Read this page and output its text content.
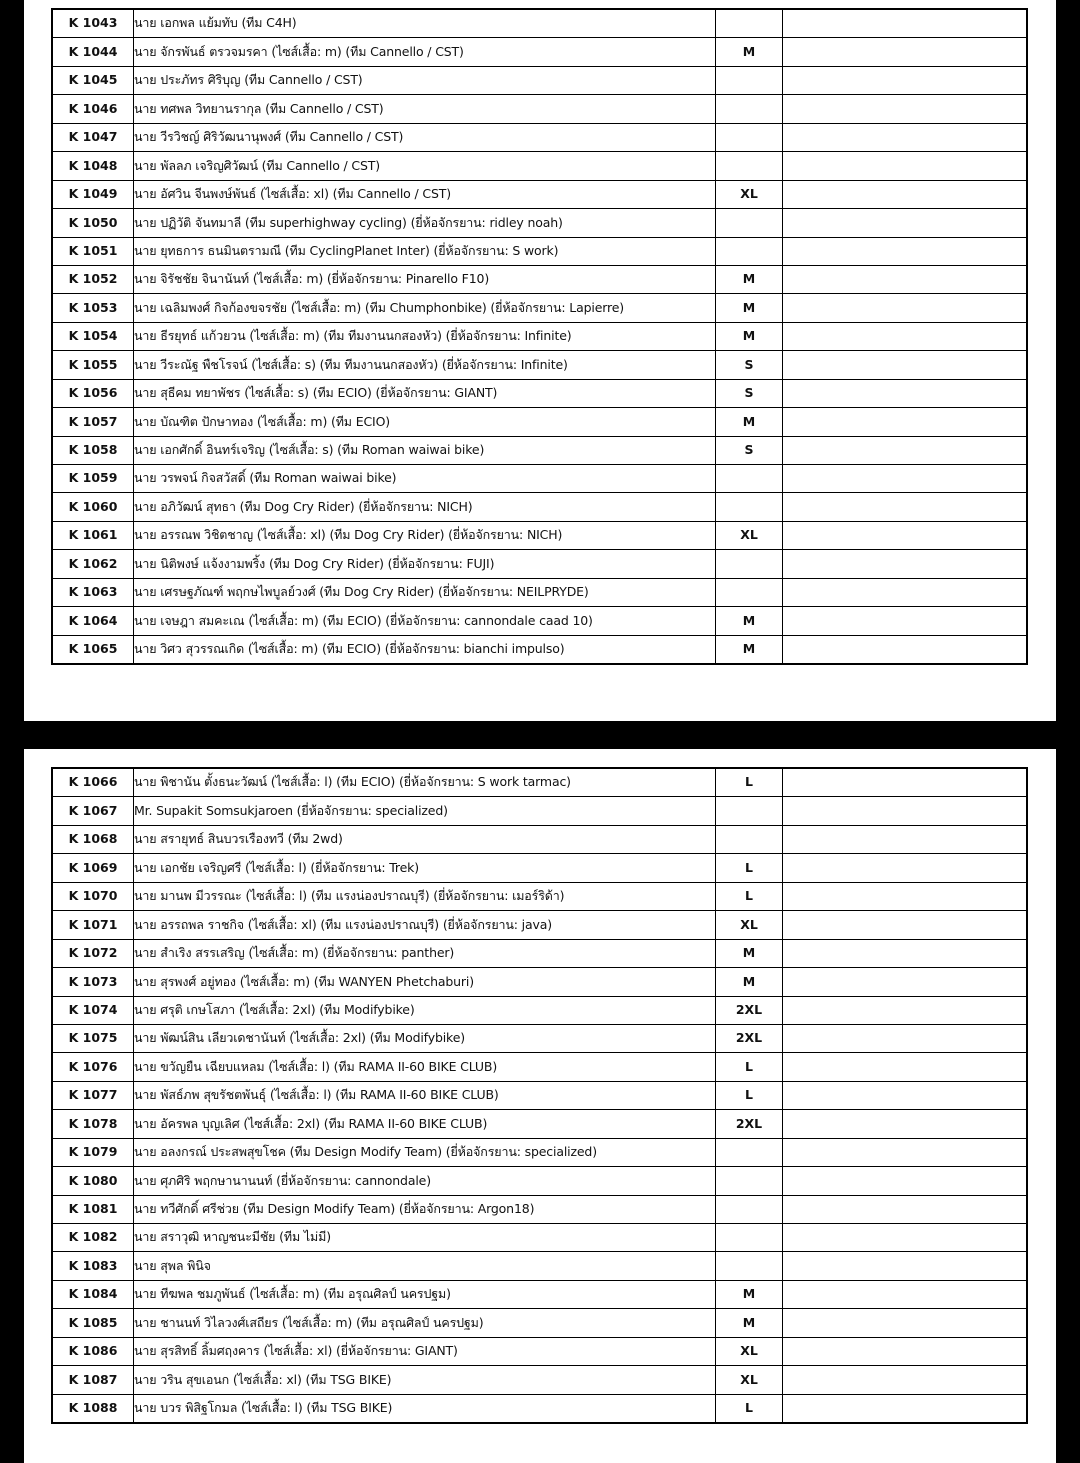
K 1043	นาย เอกพล แย้มทับ (ทีม C4H)		
K 1044	นาย จักรพันธ์ ตรวจมรคา (ไซส์เสื้อ: m) (ทีม Cannello / CST)	M	
K 1045	นาย ประภัทร ศิริบุญ (ทีม Cannello / CST)		
K 1046	นาย ทศพล วิทยานรากุล (ทีม Cannello / CST)		
K 1047	นาย วีรวิชญ์ ศิริวัฒนานุพงศ์ (ทีม Cannello / CST)		
K 1048	นาย พัลลภ เจริญศิวัฒน์ (ทีม Cannello / CST)		
K 1049	นาย อัศวิน จีนพงษ์พันธ์ (ไซส์เสื้อ: xl) (ทีม Cannello / CST)	XL	
K 1050	นาย ปฏิวัติ จันทมาลี (ทีม superhighway cycling) (ยี่ห้อจักรยาน: ridley noah)		
K 1051	นาย ยุทธการ ธนมินตรามณี (ทีม CyclingPlanet Inter) (ยี่ห้อจักรยาน: S work)		
K 1052	นาย จิรัชชัย จินานันท์ (ไซส์เสื้อ: m) (ยี่ห้อจักรยาน: Pinarello F10)	M	
K 1053	นาย เฉลิมพงศ์ กิจก้องขจรชัย (ไซส์เสื้อ: m) (ทีม Chumphonbike) (ยี่ห้อจักรยาน: Lapierre)	M	
K 1054	นาย ธีรยุทธ์ แก้วยวน (ไซส์เสื้อ: m) (ทีม ทีมงานนกสองหัว) (ยี่ห้อจักรยาน: Infinite)	M	
K 1055	นาย วีระณัฐ พืชโรจน์ (ไซส์เสื้อ: s) (ทีม ทีมงานนกสองหัว) (ยี่ห้อจักรยาน: Infinite)	S	
K 1056	นาย สุธีคม ทยาพัชร (ไซส์เสื้อ: s) (ทีม ECIO) (ยี่ห้อจักรยาน: GIANT)	S	
K 1057	นาย บัณฑิต ปักษาทอง (ไซส์เสื้อ: m) (ทีม ECIO)	M	
K 1058	นาย เอกศักดิ์ อินทร์เจริญ (ไซส์เสื้อ: s) (ทีม Roman waiwai bike)	S	
K 1059	นาย วรพจน์ กิจสวัสดิ์ (ทีม Roman waiwai bike)		
K 1060	นาย อภิวัฒน์ สุทธา (ทีม Dog Cry Rider) (ยี่ห้อจักรยาน: NICH)		
K 1061	นาย อรรณพ วิชิตชาญ (ไซส์เสื้อ: xl) (ทีม Dog Cry Rider) (ยี่ห้อจักรยาน: NICH)	XL	
K 1062	นาย นิติพงษ์ แจ้งงามพริ้ง (ทีม Dog Cry Rider) (ยี่ห้อจักรยาน: FUJI)		
K 1063	นาย เศรษฐภัณฑ์ พฤกษไพบูลย์วงศ์ (ทีม Dog Cry Rider) (ยี่ห้อจักรยาน: NEILPRYDE)		
K 1064	นาย เจษฎา สมคะเณ (ไซส์เสื้อ: m) (ทีม ECIO) (ยี่ห้อจักรยาน: cannondale caad 10)	M	
K 1065	นาย วิศว สุวรรณเกิด (ไซส์เสื้อ: m) (ทีม ECIO) (ยี่ห้อจักรยาน: bianchi impulso)	M	
K 1066	นาย พิชานัน ตั้งธนะวัฒน์ (ไซส์เสื้อ: l) (ทีม ECIO) (ยี่ห้อจักรยาน: S work tarmac)	L	
K 1067	Mr. Supakit Somsukjaroen (ยี่ห้อจักรยาน: specialized)		
K 1068	นาย สรายุทธ์ สินบวรเรืองทวี (ทีม 2wd)		
K 1069	นาย เอกชัย เจริญศรี (ไซส์เสื้อ: l) (ยี่ห้อจักรยาน: Trek)	L	
K 1070	นาย มานพ มีวรรณะ (ไซส์เสื้อ: l) (ทีม แรงน่องปราณบุรี) (ยี่ห้อจักรยาน: เมอร์ริด้า)	L	
K 1071	นาย อรรถพล ราชกิจ (ไซส์เสื้อ: xl) (ทีม แรงน่องปราณบุรี) (ยี่ห้อจักรยาน: java)	XL	
K 1072	นาย สำเริง สรรเสริญ (ไซส์เสื้อ: m) (ยี่ห้อจักรยาน: panther)	M	
K 1073	นาย สุรพงศ์ อยู่ทอง (ไซส์เสื้อ: m) (ทีม WANYEN Phetchaburi)	M	
K 1074	นาย ศรุติ เกษโสภา (ไซส์เสื้อ: 2xl) (ทีม Modifybike)	2XL	
K 1075	นาย พัฒน์สิน เลียวเดชานันท์ (ไซส์เสื้อ: 2xl) (ทีม Modifybike)	2XL	
K 1076	นาย ขวัญยืน เฉียบแหลม (ไซส์เสื้อ: l) (ทีม RAMA II-60 BIKE CLUB)	L	
K 1077	นาย พัสธ์ภพ สุขรัชตพันธุ์ (ไซส์เสื้อ: l) (ทีม RAMA II-60 BIKE CLUB)	L	
K 1078	นาย อัครพล บุญเลิศ (ไซส์เสื้อ: 2xl) (ทีม RAMA II-60 BIKE CLUB)	2XL	
K 1079	นาย อลงกรณ์ ประสพสุขโชค (ทีม Design Modify Team) (ยี่ห้อจักรยาน: specialized)		
K 1080	นาย ศุภศิริ พฤกษานานนท์ (ยี่ห้อจักรยาน: cannondale)		
K 1081	นาย ทวีศักดิ์ ศรีช่วย (ทีม Design Modify Team) (ยี่ห้อจักรยาน: Argon18)		
K 1082	นาย สราวุฒิ หาญชนะมีชัย (ทีม ไม่มี)		
K 1083	นาย สุพล พินิจ		
K 1084	นาย ทีฆพล ชมภูพันธ์ (ไซส์เสื้อ: m) (ทีม อรุณศิลป์ นครปฐม)	M	
K 1085	นาย ชานนท์ วิไลวงศ์เสถียร (ไซส์เสื้อ: m) (ทีม อรุณศิลป์ นครปฐม)	M	
K 1086	นาย สุรสิทธิ์ ลิ้มศฤงคาร (ไซส์เสื้อ: xl) (ยี่ห้อจักรยาน: GIANT)	XL	
K 1087	นาย วริน สุขเอนก (ไซส์เสื้อ: xl) (ทีม TSG BIKE)	XL	
K 1088	นาย บวร พิสิฐโกมล (ไซส์เสื้อ: l) (ทีม TSG BIKE)	L	
